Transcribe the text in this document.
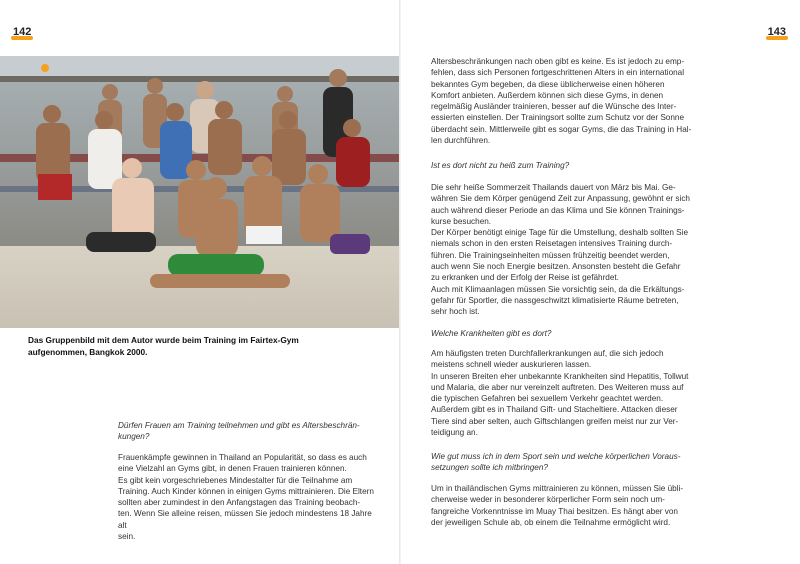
142
Das Gruppenbild mit dem Autor wurde beim Training im Fairtex-Gym
aufgenommen, Bangkok 2000.

Dürfen Frauen am Training teilnehmen und gibt es Altersbeschrän-

kungen?

Frauenkämpfe gewinnen in Thailand an Popularität, so dass es auch

eine Vielzahl an Gyms gibt, in denen Frauen trainieren können.

Es gibt kein vorgeschriebenes Mindestalter für die Teilnahme am

Training. Auch Kinder können in einigen Gyms mittrainieren. Die Eltern

sollten aber zumindest in den Anfangstagen das Training beobach-

ten. Wenn Sie alleine reisen, müssen Sie jedoch mindestens 18 Jahre alt

sein.

143

Altersbeschränkungen nach oben gibt es keine. Es ist jedoch zu emp-

fehlen, dass sich Personen fortgeschrittenen Alters in ein international

bekanntes Gym begeben, da diese üblicherweise einen höheren

Komfort anbieten. Außerdem können sich diese Gyms, in denen

regelmäßig Ausländer trainieren, besser auf die Wünsche des Inter-

essierten einstellen. Der Trainingsort sollte zum Schutz vor der Sonne

überdacht sein. Mittlerweile gibt es sogar Gyms, die das Training in Hal-

len durchführen.

Ist es dort nicht zu heiß zum Training?

Die sehr heiße Sommerzeit Thailands dauert von März bis Mai. Ge-

währen Sie dem Körper genügend Zeit zur Anpassung, gewöhnt er sich

auch während dieser Periode an das Klima und Sie können Trainings-

kurse besuchen.

Der Körper benötigt einige Tage für die Umstellung, deshalb sollten Sie

niemals schon in den ersten Reisetagen intensives Training durch-

führen. Die Trainingseinheiten müssen frühzeitig beendet werden,

auch wenn Sie noch Energie besitzen. Ansonsten besteht die Gefahr

zu erkranken und der Erfolg der Reise ist gefährdet.

Auch mit Klimaanlagen müssen Sie vorsichtig sein, da die Erkältungs-

gefahr für Sportler, die nassgeschwitzt klimatisierte Räume betreten,

sehr hoch ist.

Welche Krankheiten gibt es dort?

Am häufigsten treten Durchfallerkrankungen auf, die sich jedoch

meistens schnell wieder auskurieren lassen.

In unseren Breiten eher unbekannte Krankheiten sind Hepatitis, Tollwut

und Malaria, die aber nur vereinzelt auftreten. Des Weiteren muss auf

die typischen Gefahren bei sexuellem Verkehr geachtet werden.

Außerdem gibt es in Thailand Gift- und Stacheltiere. Attacken dieser

Tiere sind aber selten, auch Giftschlangen greifen meist nur zur Ver-

teidigung an.

Wie gut muss ich in dem Sport sein und welche körperlichen Voraus-

setzungen sollte ich mitbringen?

Um in thailändischen Gyms mittrainieren zu können, müssen Sie übli-

cherweise weder in besonderer körperlicher Form sein noch um-

fangreiche Vorkenntnisse im Muay Thai besitzen. Es hängt aber von

der jeweiligen Schule ab, ob einem die Teilnahme ermöglicht wird.
